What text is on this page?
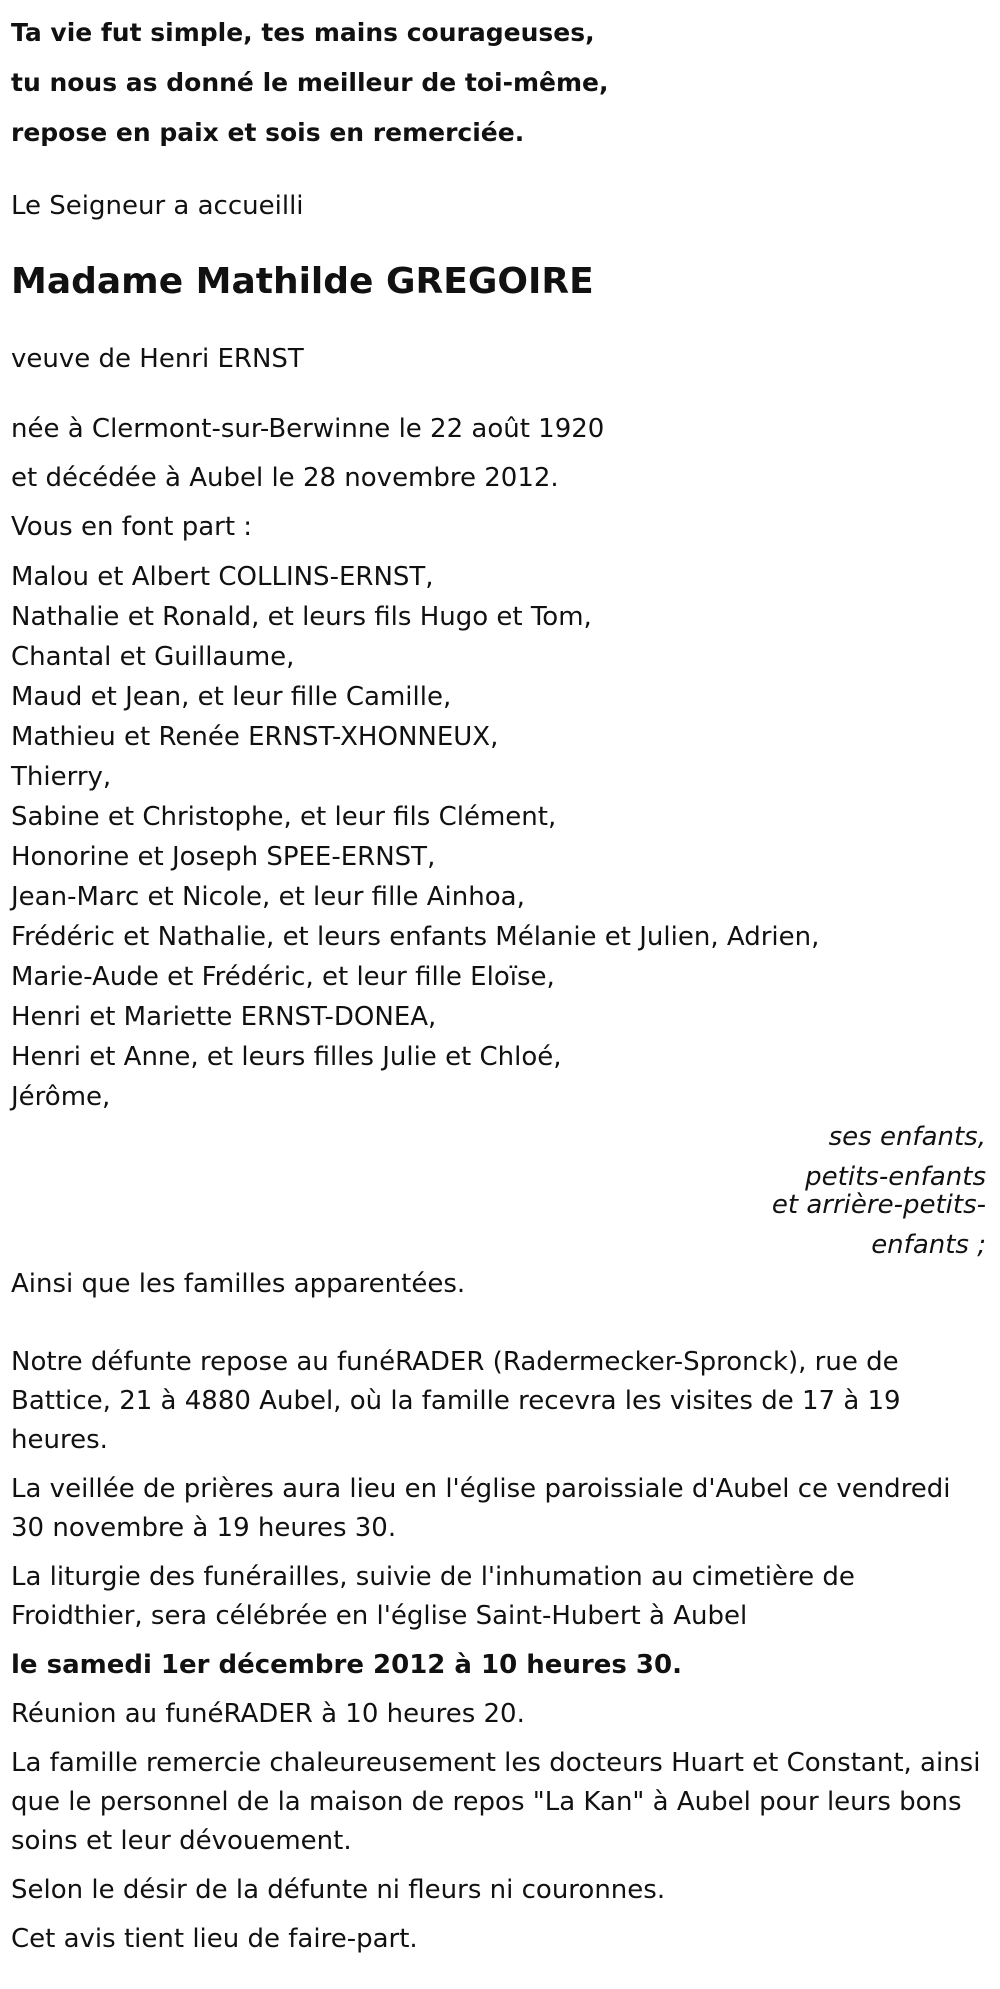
Ta vie fut simple, tes mains courageuses,
tu nous as donné le meilleur de toi-même,
repose en paix et sois en remerciée.
Le Seigneur a accueilli
Madame Mathilde GREGOIRE
veuve de Henri ERNST
née à Clermont-sur-Berwinne le 22 août 1920
et décédée à Aubel le 28 novembre 2012.
Vous en font part :
Malou et Albert COLLINS-ERNST,
Nathalie et Ronald, et leurs fils Hugo et Tom,
Chantal et Guillaume,
Maud et Jean, et leur fille Camille,
Mathieu et Renée ERNST-XHONNEUX,
Thierry,
Sabine et Christophe, et leur fils Clément,
Honorine et Joseph SPEE-ERNST,
Jean-Marc et Nicole, et leur fille Ainhoa,
Frédéric et Nathalie, et leurs enfants Mélanie et Julien, Adrien,
Marie-Aude et Frédéric, et leur fille Eloïse,
Henri et Mariette ERNST-DONEA,
Henri et Anne, et leurs filles Julie et Chloé,
Jérôme,
ses enfants, petits-enfants
et arrière-petits-enfants ;
Ainsi que les familles apparentées.
Notre défunte repose au funéRADER (Radermecker-Spronck), rue de Battice, 21 à 4880 Aubel, où la famille recevra les visites de 17 à 19 heures.
La veillée de prières aura lieu en l'église paroissiale d'Aubel ce vendredi 30 novembre à 19 heures 30.
La liturgie des funérailles, suivie de l'inhumation au cimetière de Froidthier, sera célébrée en l'église Saint-Hubert à Aubel
le samedi 1er décembre 2012 à 10 heures 30.
Réunion au funéRADER à 10 heures 20.
La famille remercie chaleureusement les docteurs Huart et Constant, ainsi que le personnel de la maison de repos "La Kan" à Aubel pour leurs bons soins et leur dévouement.
Selon le désir de la défunte ni fleurs ni couronnes.
Cet avis tient lieu de faire-part.
